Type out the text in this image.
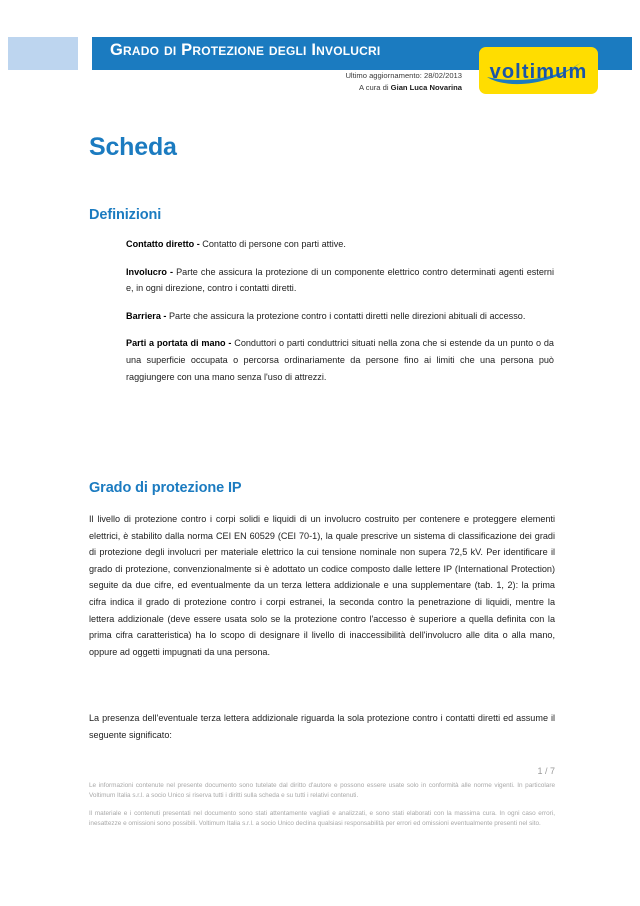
Grado di Protezione degli Involucri
Ultimo aggiornamento: 28/02/2013
A cura di Gian Luca Novarina
voltimum
Scheda
Definizioni
Contatto diretto - Contatto di persone con parti attive.
Involucro - Parte che assicura la protezione di un componente elettrico contro determinati agenti esterni e, in ogni direzione, contro i contatti diretti.
Barriera - Parte che assicura la protezione contro i contatti diretti nelle direzioni abituali di accesso.
Parti a portata di mano - Conduttori o parti conduttrici situati nella zona che si estende da un punto o da una superficie occupata o percorsa ordinariamente da persone fino ai limiti che una persona può raggiungere con una mano senza l'uso di attrezzi.
Grado di protezione IP
Il livello di protezione contro i corpi solidi e liquidi di un involucro costruito per contenere e proteggere elementi elettrici, è stabilito dalla norma CEI EN 60529 (CEI 70-1), la quale prescrive un sistema di classificazione dei gradi di protezione degli involucri per materiale elettrico la cui tensione nominale non supera 72,5 kV. Per identificare il grado di protezione, convenzionalmente si è adottato un codice composto dalle lettere IP (International Protection) seguite da due cifre, ed eventualmente da un terza lettera addizionale e una supplementare (tab. 1, 2): la prima cifra indica il grado di protezione contro i corpi estranei, la seconda contro la penetrazione di liquidi, mentre la lettera addizionale (deve essere usata solo se la protezione contro l'accesso è superiore a quella definita con la prima cifra caratteristica) ha lo scopo di designare il livello di inaccessibilità dell'involucro alle dita o alla mano, oppure ad oggetti impugnati da una persona.
La presenza dell'eventuale terza lettera addizionale riguarda la sola protezione contro i contatti diretti ed assume il seguente significato:
1 / 7
Le informazioni contenute nel presente documento sono tutelate dal diritto d'autore e possono essere usate solo in conformità alle norme vigenti. In particolare Voltimum Italia s.r.l. a socio Unico si riserva tutti i diritti sulla scheda e su tutti i relativi contenuti.
Il materiale e i contenuti presentati nel documento sono stati attentamente vagliati e analizzati, e sono stati elaborati con la massima cura. In ogni caso errori, inesattezze e omissioni sono possibili. Voltimum Italia s.r.l. a socio Unico declina qualsiasi responsabilità per errori ed omissioni eventualmente presenti nel sito.
